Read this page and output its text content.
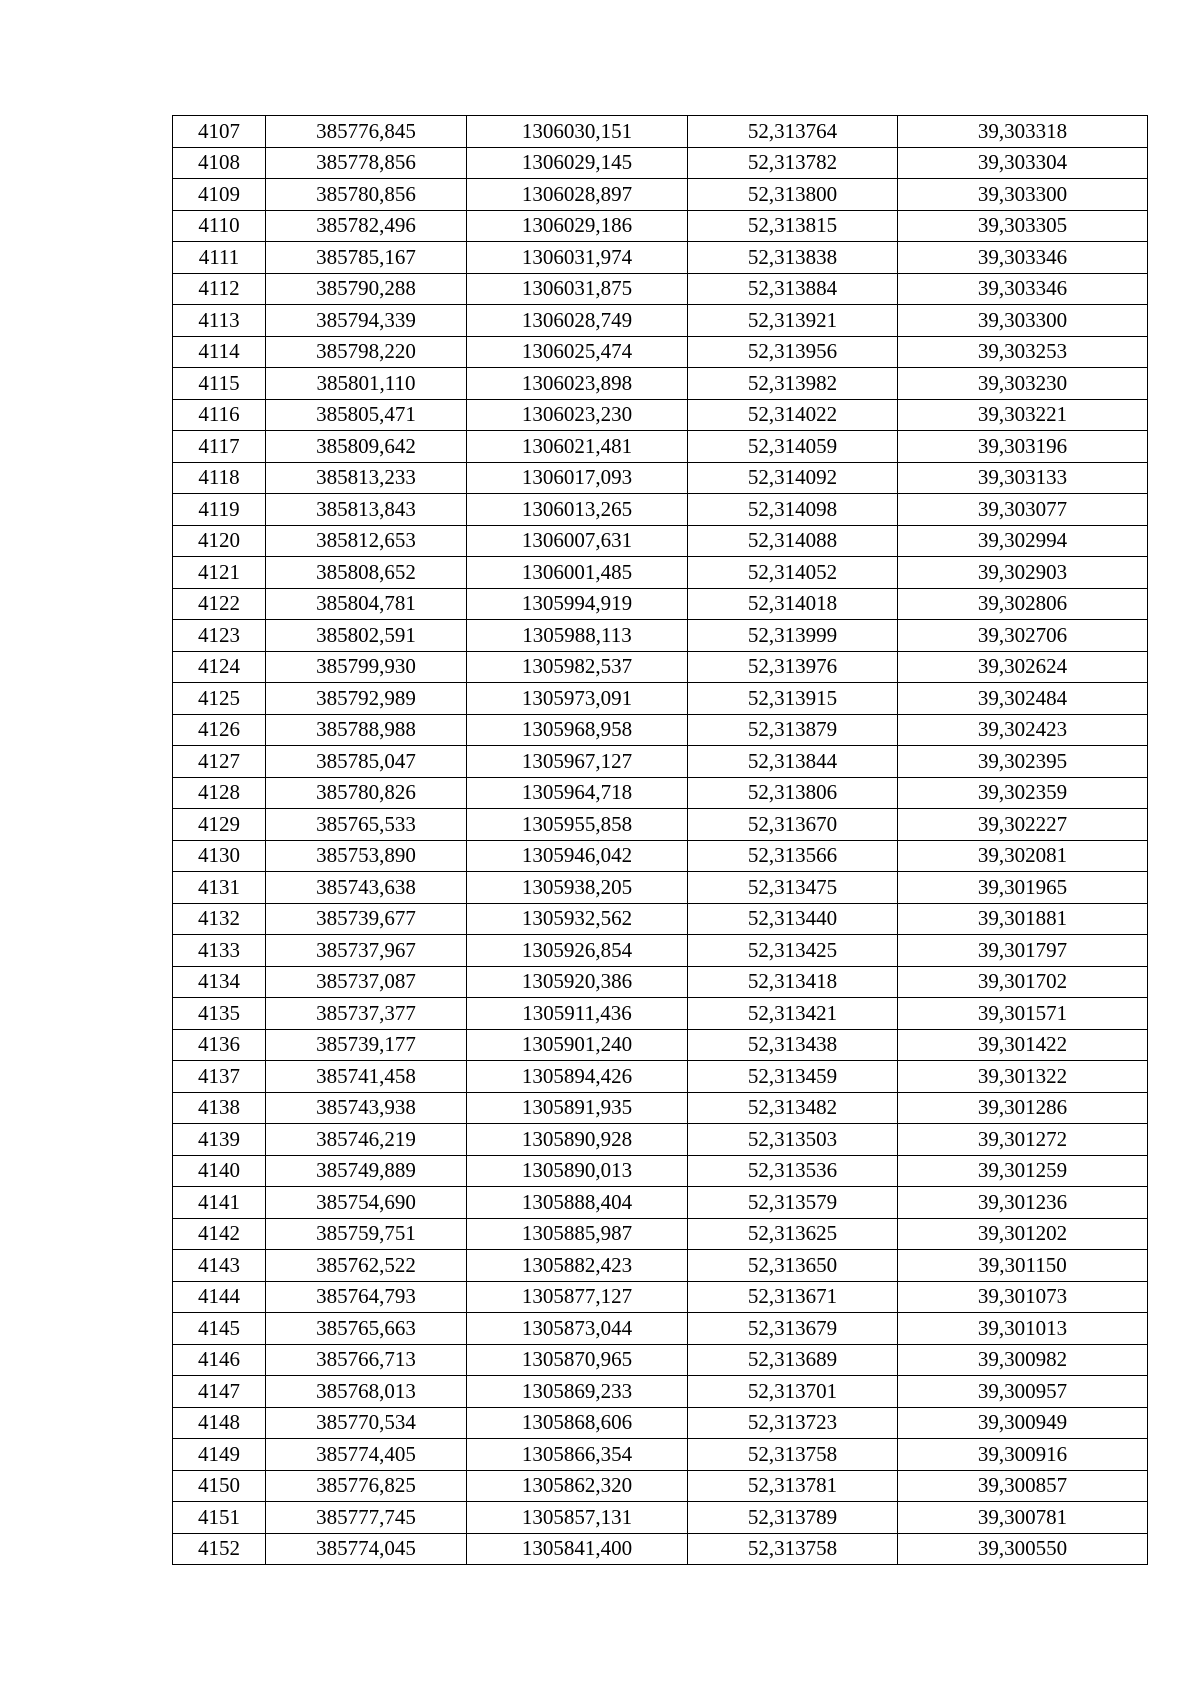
4107	385776,845	1306030,151	52,313764	39,303318
4108	385778,856	1306029,145	52,313782	39,303304
4109	385780,856	1306028,897	52,313800	39,303300
4110	385782,496	1306029,186	52,313815	39,303305
4111	385785,167	1306031,974	52,313838	39,303346
4112	385790,288	1306031,875	52,313884	39,303346
4113	385794,339	1306028,749	52,313921	39,303300
4114	385798,220	1306025,474	52,313956	39,303253
4115	385801,110	1306023,898	52,313982	39,303230
4116	385805,471	1306023,230	52,314022	39,303221
4117	385809,642	1306021,481	52,314059	39,303196
4118	385813,233	1306017,093	52,314092	39,303133
4119	385813,843	1306013,265	52,314098	39,303077
4120	385812,653	1306007,631	52,314088	39,302994
4121	385808,652	1306001,485	52,314052	39,302903
4122	385804,781	1305994,919	52,314018	39,302806
4123	385802,591	1305988,113	52,313999	39,302706
4124	385799,930	1305982,537	52,313976	39,302624
4125	385792,989	1305973,091	52,313915	39,302484
4126	385788,988	1305968,958	52,313879	39,302423
4127	385785,047	1305967,127	52,313844	39,302395
4128	385780,826	1305964,718	52,313806	39,302359
4129	385765,533	1305955,858	52,313670	39,302227
4130	385753,890	1305946,042	52,313566	39,302081
4131	385743,638	1305938,205	52,313475	39,301965
4132	385739,677	1305932,562	52,313440	39,301881
4133	385737,967	1305926,854	52,313425	39,301797
4134	385737,087	1305920,386	52,313418	39,301702
4135	385737,377	1305911,436	52,313421	39,301571
4136	385739,177	1305901,240	52,313438	39,301422
4137	385741,458	1305894,426	52,313459	39,301322
4138	385743,938	1305891,935	52,313482	39,301286
4139	385746,219	1305890,928	52,313503	39,301272
4140	385749,889	1305890,013	52,313536	39,301259
4141	385754,690	1305888,404	52,313579	39,301236
4142	385759,751	1305885,987	52,313625	39,301202
4143	385762,522	1305882,423	52,313650	39,301150
4144	385764,793	1305877,127	52,313671	39,301073
4145	385765,663	1305873,044	52,313679	39,301013
4146	385766,713	1305870,965	52,313689	39,300982
4147	385768,013	1305869,233	52,313701	39,300957
4148	385770,534	1305868,606	52,313723	39,300949
4149	385774,405	1305866,354	52,313758	39,300916
4150	385776,825	1305862,320	52,313781	39,300857
4151	385777,745	1305857,131	52,313789	39,300781
4152	385774,045	1305841,400	52,313758	39,300550
